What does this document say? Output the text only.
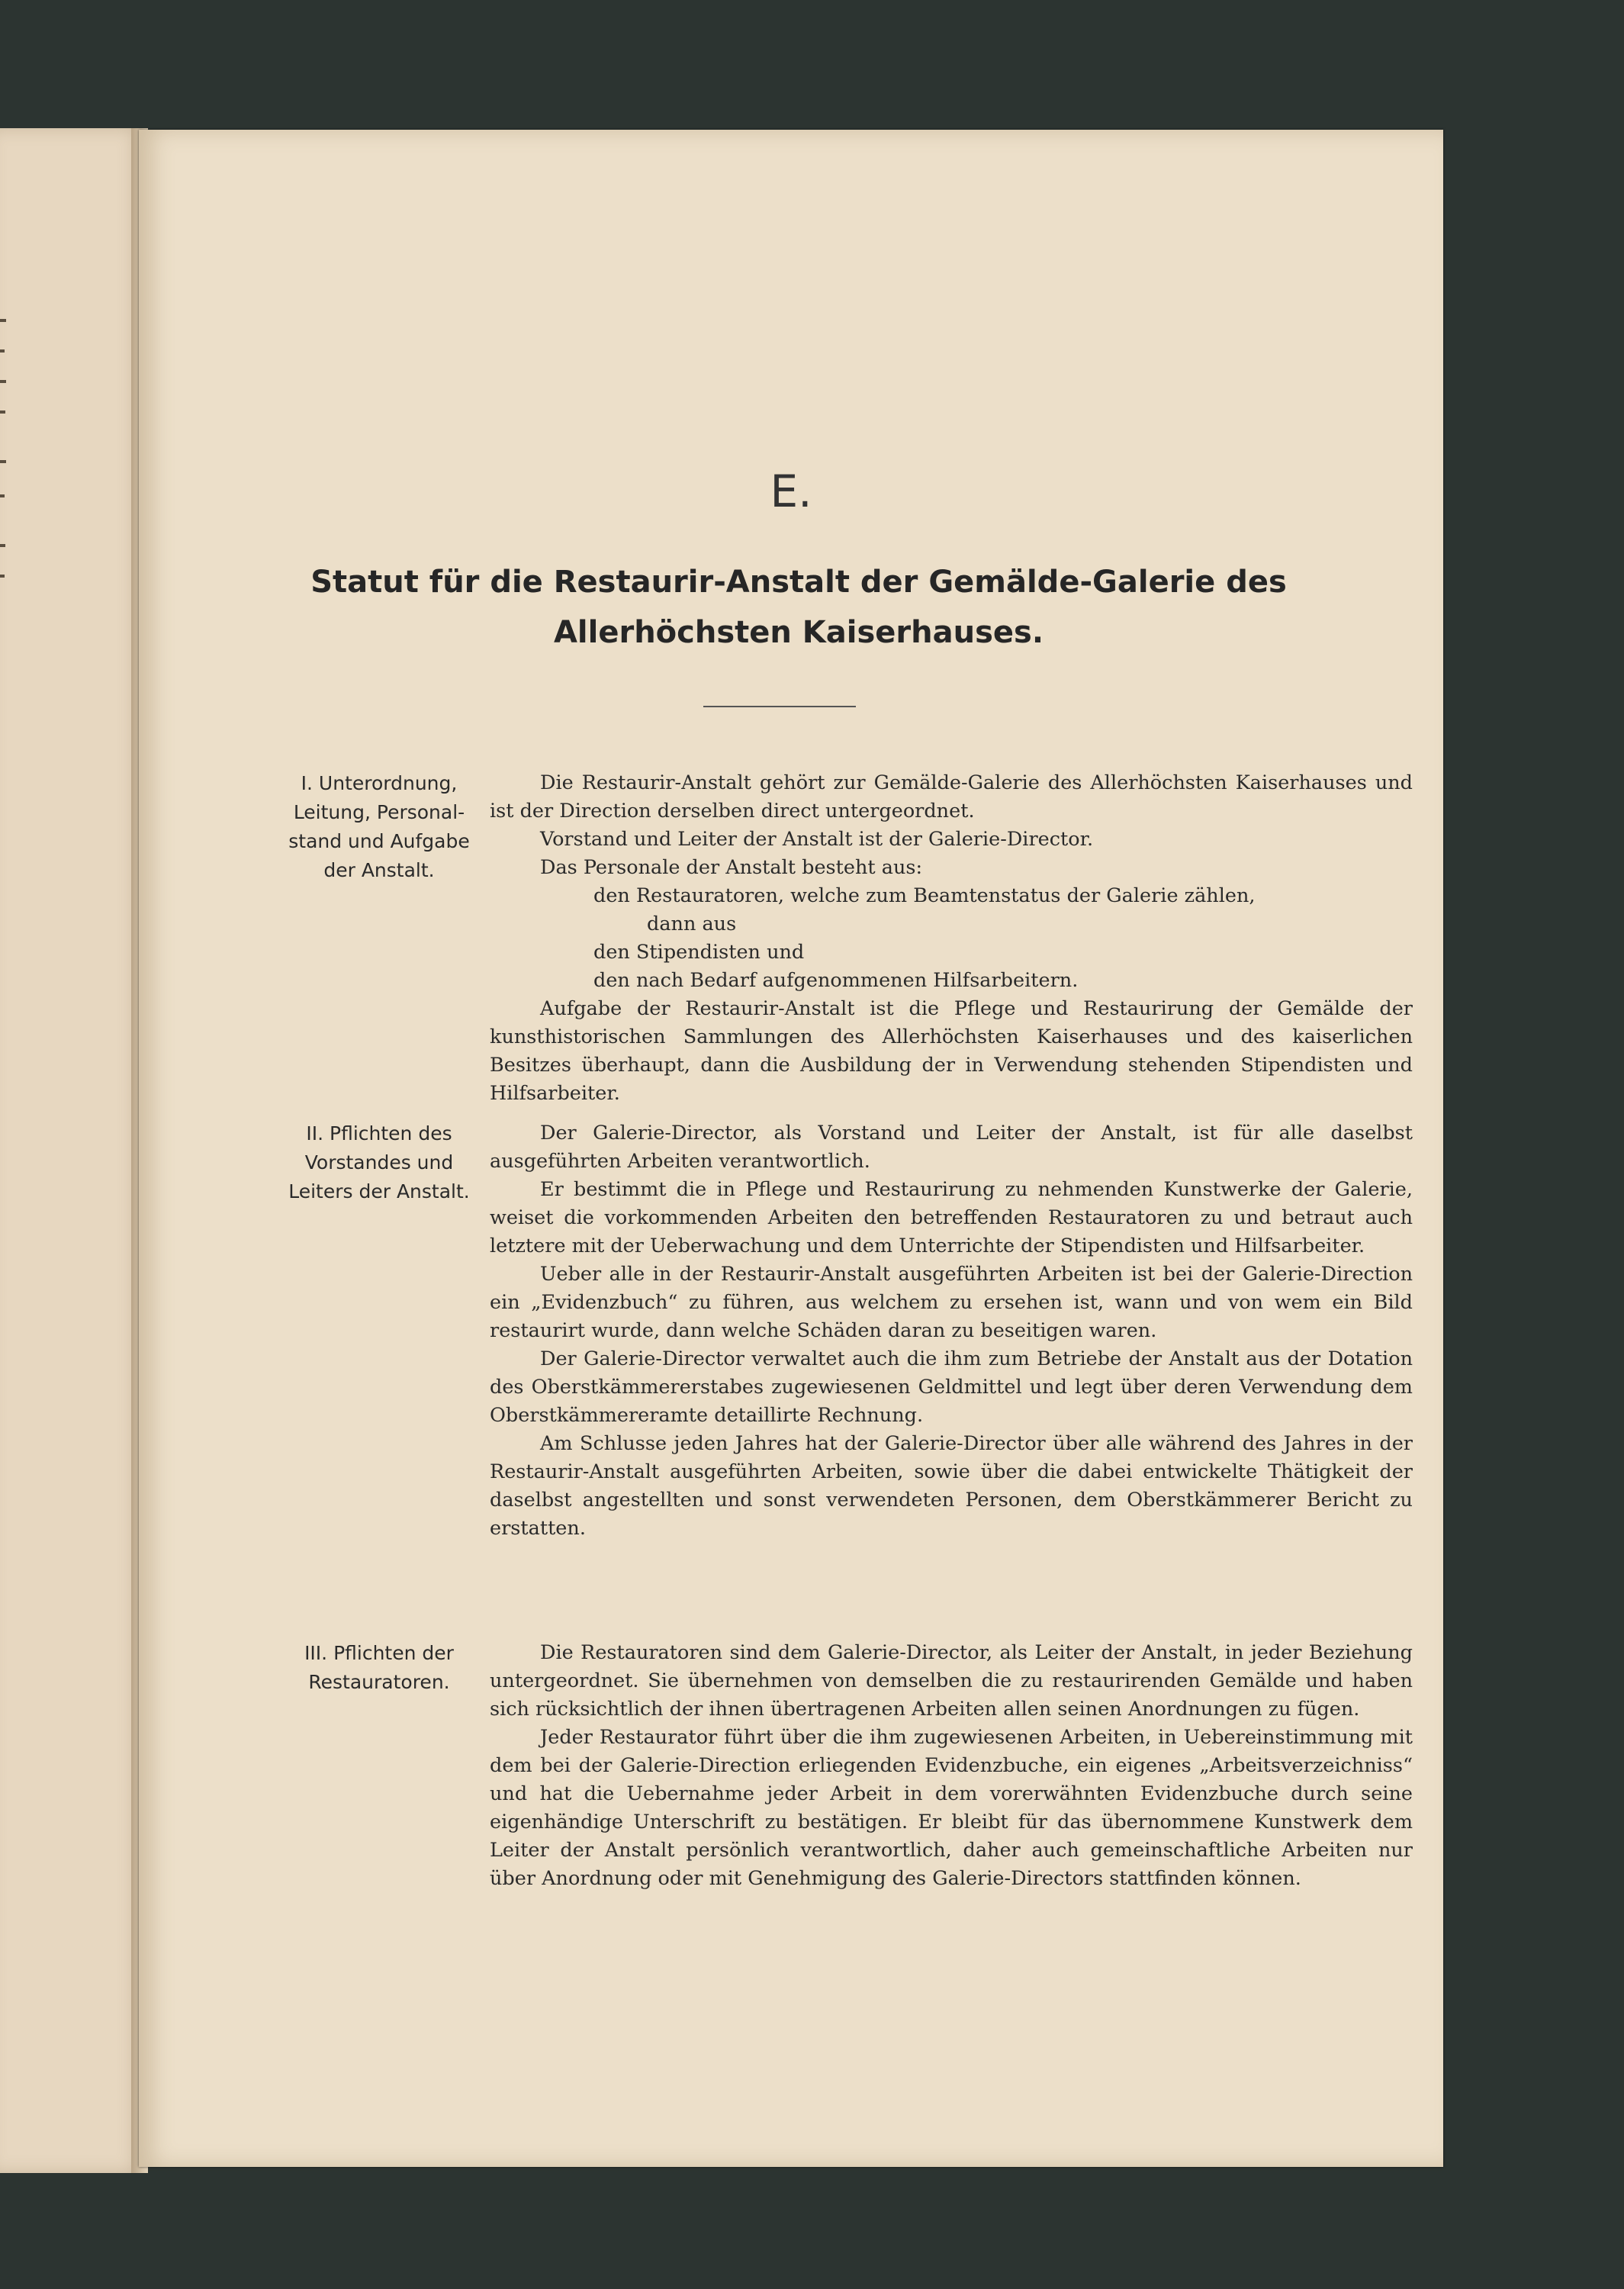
E.
Statut für die Restaurir-Anstalt der Gemälde-Galerie des Allerhöchsten Kaiserhauses.
I. Unterordnung, Leitung, Personal-stand und Aufgabe der Anstalt.

Die Restaurir-Anstalt gehört zur Gemälde-Galerie des Allerhöchsten Kaiserhauses und ist der Direction derselben direct untergeordnet.

Vorstand und Leiter der Anstalt ist der Galerie-Director.

Das Personale der Anstalt besteht aus:

den Restauratoren, welche zum Beamtenstatus der Galerie zählen,
dann aus
den Stipendisten und
den nach Bedarf aufgenommenen Hilfsarbeitern.

Aufgabe der Restaurir-Anstalt ist die Pflege und Restaurirung der Gemälde der kunsthistorischen Sammlungen des Allerhöchsten Kaiserhauses und des kaiserlichen Besitzes überhaupt, dann die Ausbildung der in Verwendung stehenden Stipendisten und Hilfsarbeiter.

II. Pflichten des Vorstandes und Leiters der Anstalt.

Der Galerie-Director, als Vorstand und Leiter der Anstalt, ist für alle daselbst ausgeführten Arbeiten verantwortlich.

Er bestimmt die in Pflege und Restaurirung zu nehmenden Kunstwerke der Galerie, weiset die vorkommenden Arbeiten den betreffenden Restauratoren zu und betraut auch letztere mit der Ueberwachung und dem Unterrichte der Stipendisten und Hilfsarbeiter.

Ueber alle in der Restaurir-Anstalt ausgeführten Arbeiten ist bei der Galerie-Direction ein „Evidenzbuch“ zu führen, aus welchem zu ersehen ist, wann und von wem ein Bild restaurirt wurde, dann welche Schäden daran zu beseitigen waren.

Der Galerie-Director verwaltet auch die ihm zum Betriebe der Anstalt aus der Dotation des Oberstkämmererstabes zugewiesenen Geldmittel und legt über deren Verwendung dem Oberstkämmereramte detaillirte Rechnung.

Am Schlusse jeden Jahres hat der Galerie-Director über alle während des Jahres in der Restaurir-Anstalt ausgeführten Arbeiten, sowie über die dabei entwickelte Thätigkeit der daselbst angestellten und sonst verwendeten Personen, dem Oberstkämmerer Bericht zu erstatten.

III. Pflichten der Restauratoren.

Die Restauratoren sind dem Galerie-Director, als Leiter der Anstalt, in jeder Beziehung untergeordnet. Sie übernehmen von demselben die zu restaurirenden Gemälde und haben sich rücksichtlich der ihnen übertragenen Arbeiten allen seinen Anordnungen zu fügen.

Jeder Restaurator führt über die ihm zugewiesenen Arbeiten, in Uebereinstimmung mit dem bei der Galerie-Direction erliegenden Evidenzbuche, ein eigenes „Arbeitsverzeichniss“ und hat die Uebernahme jeder Arbeit in dem vorerwähnten Evidenzbuche durch seine eigenhändige Unterschrift zu bestätigen. Er bleibt für das übernommene Kunstwerk dem Leiter der Anstalt persönlich verantwortlich, daher auch gemeinschaftliche Arbeiten nur über Anordnung oder mit Genehmigung des Galerie-Directors stattfinden können.
